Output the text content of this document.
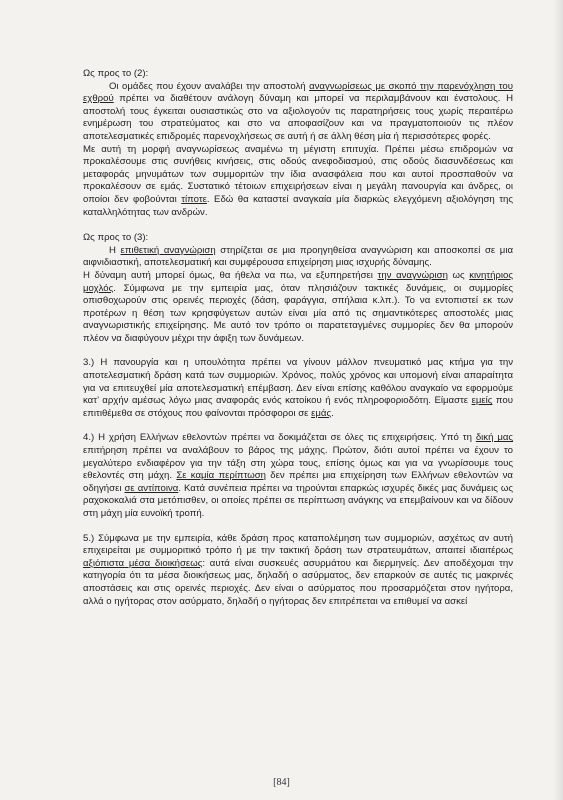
Ως προς το (2):

Οι ομάδες που έχουν αναλάβει την αποστολή αναγνωρίσεως με σκοπό την παρενόχληση του εχθρού πρέπει να διαθέτουν ανάλογη δύναμη και μπορεί να περιλαμβάνουν και ένστολους. Η αποστολή τους έγκειται ουσιαστικώς στο να αξιολογούν τις παρατηρήσεις τους χωρίς περαιτέρω ενημέρωση του στρατεύματος και στο να αποφασίζουν και να πραγματοποιούν τις πλέον αποτελεσματικές επιδρομές παρενοχλήσεως σε αυτή ή σε άλλη θέση μία ή περισσότερες φορές.

Με αυτή τη μορφή αναγνωρίσεως αναμένω τη μέγιστη επιτυχία. Πρέπει μέσω επιδρομών να προκαλέσουμε στις συνήθεις κινήσεις, στις οδούς ανεφοδιασμού, στις οδούς διασυνδέσεως και μεταφοράς μηνυμάτων των συμμοριτών την ίδια ανασφάλεια που και αυτοί προσπαθούν να προκαλέσουν σε εμάς. Συστατικό τέτοιων επιχειρήσεων είναι η μεγάλη πανουργία και άνδρες, οι οποίοι δεν φοβούνται τίποτε. Εδώ θα καταστεί αναγκαία μία διαρκώς ελεγχόμενη αξιολόγηση της καταλληλότητας των ανδρών.

Ως προς το (3):

Η επιθετική αναγνώριση στηρίζεται σε μια προηγηθείσα αναγνώριση και αποσκοπεί σε μια αιφνιδιαστική, αποτελεσματική και συμφέρουσα επιχείρηση μιας ισχυρής δύναμης.

Η δύναμη αυτή μπορεί όμως, θα ήθελα να πω, να εξυπηρετήσει την αναγνώριση ως κινητήριος μοχλός. Σύμφωνα με την εμπειρία μας, όταν πλησιάζουν τακτικές δυνάμεις, οι συμμορίες οπισθοχωρούν στις ορεινές περιοχές (δάση, φαράγγια, σπήλαια κ.λπ.). Το να εντοπιστεί εκ των προτέρων η θέση των κρησφύγετων αυτών είναι μία από τις σημαντικότερες αποστολές μιας αναγνωριστικής επιχείρησης. Με αυτό τον τρόπο οι παρατεταγμένες συμμορίες δεν θα μπορούν πλέον να διαφύγουν μέχρι την άφιξη των δυνάμεων.

3.) Η πανουργία και η υπουλότητα πρέπει να γίνουν μάλλον πνευματικό μας κτήμα για την αποτελεσματική δράση κατά των συμμοριών. Χρόνος, πολύς χρόνος και υπομονή είναι απαραίτητα για να επιτευχθεί μία αποτελεσματική επέμβαση. Δεν είναι επίσης καθόλου αναγκαίο να εφορμούμε κατ’ αρχήν αμέσως λόγω μιας αναφοράς ενός κατοίκου ή ενός πληροφοριοδότη. Είμαστε εμείς που επιτιθέμεθα σε στόχους που φαίνονται πρόσφοροι σε εμάς.

4.) Η χρήση Ελλήνων εθελοντών πρέπει να δοκιμάζεται σε όλες τις επιχειρήσεις. Υπό τη δική μας επιτήρηση πρέπει να αναλάβουν το βάρος της μάχης. Πρώτον, διότι αυτοί πρέπει να έχουν το μεγαλύτερο ενδιαφέρον για την τάξη στη χώρα τους, επίσης όμως και για να γνωρίσουμε τους εθελοντές στη μάχη. Σε καμία περίπτωση δεν πρέπει μια επιχείρηση των Ελλήνων εθελοντών να οδηγήσει σε αντίποινα. Κατά συνέπεια πρέπει να τηρούνται επαρκώς ισχυρές δικές μας δυνάμεις ως ραχοκοκαλιά στα μετόπισθεν, οι οποίες πρέπει σε περίπτωση ανάγκης να επεμβαίνουν και να δίδουν στη μάχη μία ευνοϊκή τροπή.

5.) Σύμφωνα με την εμπειρία, κάθε δράση προς καταπολέμηση των συμμοριών, ασχέτως αν αυτή επιχειρείται με συμμοριτικό τρόπο ή με την τακτική δράση των στρατευμάτων, απαιτεί ιδιαιτέρως αξιόπιστα μέσα διοικήσεως: αυτά είναι συσκευές ασυρμάτου και διερμηνείς. Δεν αποδέχομαι την κατηγορία ότι τα μέσα διοικήσεως μας, δηλαδή ο ασύρματος, δεν επαρκούν σε αυτές τις μακρινές αποστάσεις και στις ορεινές περιοχές. Δεν είναι ο ασύρματος που προσαρμόζεται στον ηγήτορα, αλλά ο ηγήτορας στον ασύρματο, δηλαδή ο ηγήτορας δεν επιτρέπεται να επιθυμεί να ασκεί

[84]
